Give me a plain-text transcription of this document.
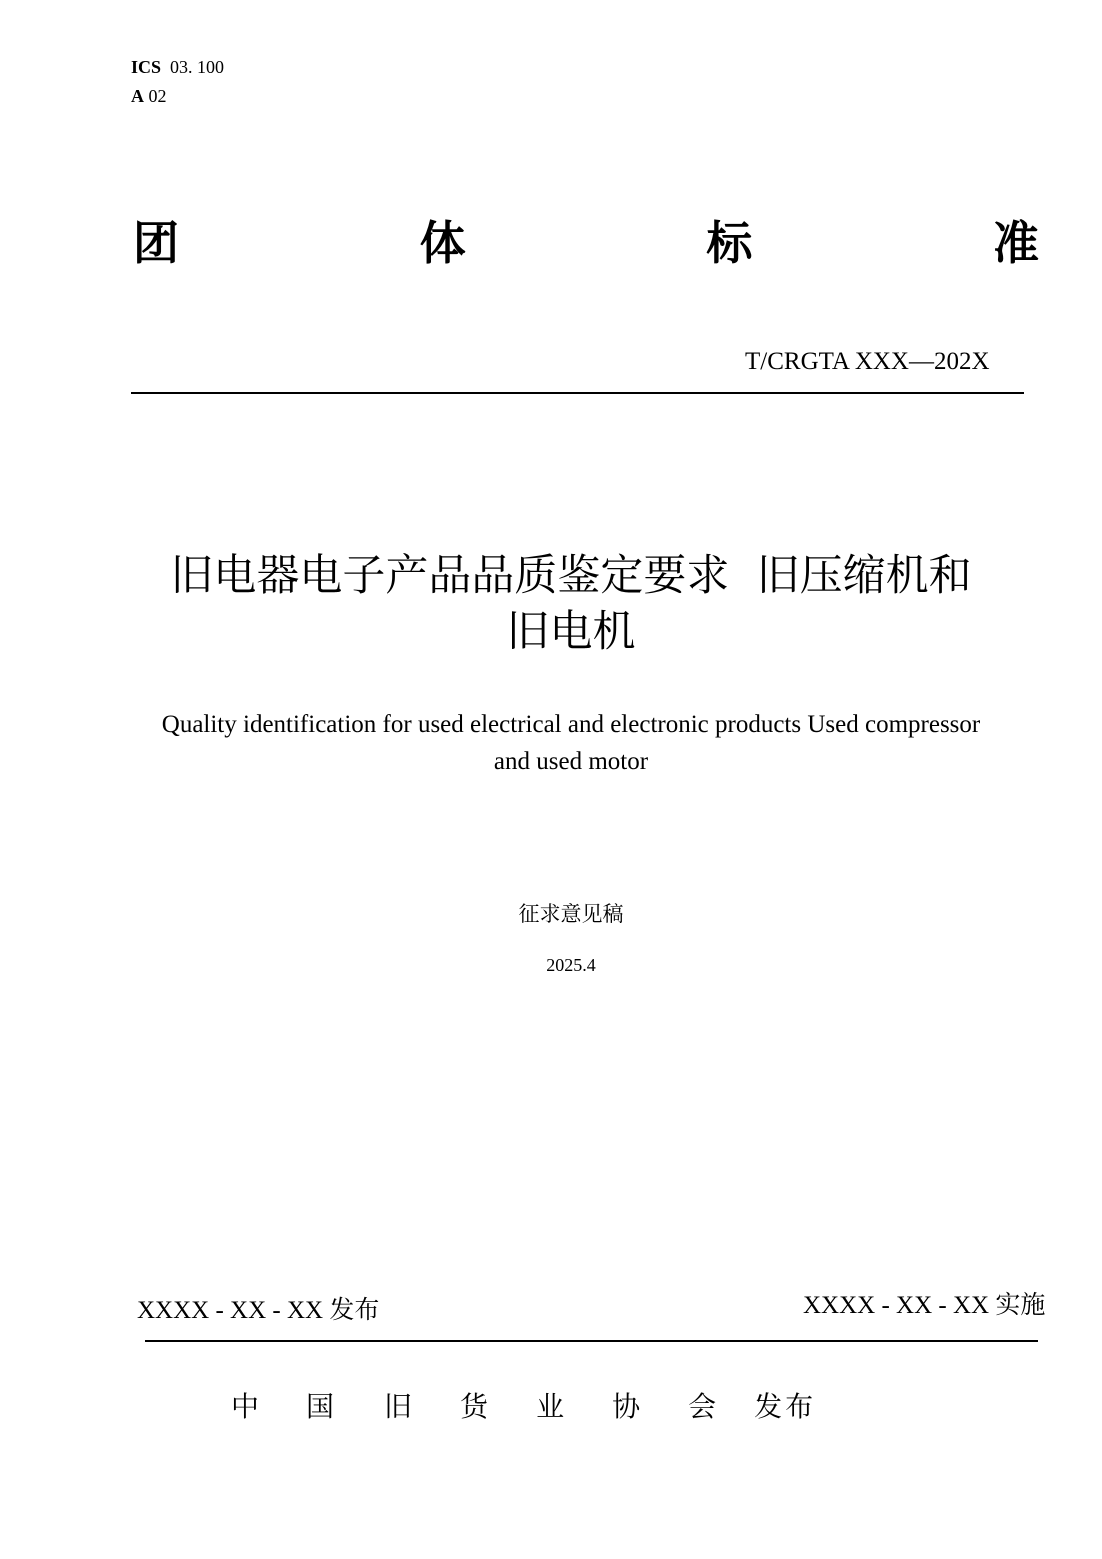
ICS 03. 100
A 02
团	体	标	准
T/CRGTA XXX—202X
旧电器电子产品品质鉴定要求  旧压缩机和
旧电机
Quality identification for used electrical and electronic products Used compressor
and used motor
征求意见稿
2025.4
XXXX - XX - XX 发布	XXXX - XX - XX 实施
中 国 旧 货 业 协 会 发 布
